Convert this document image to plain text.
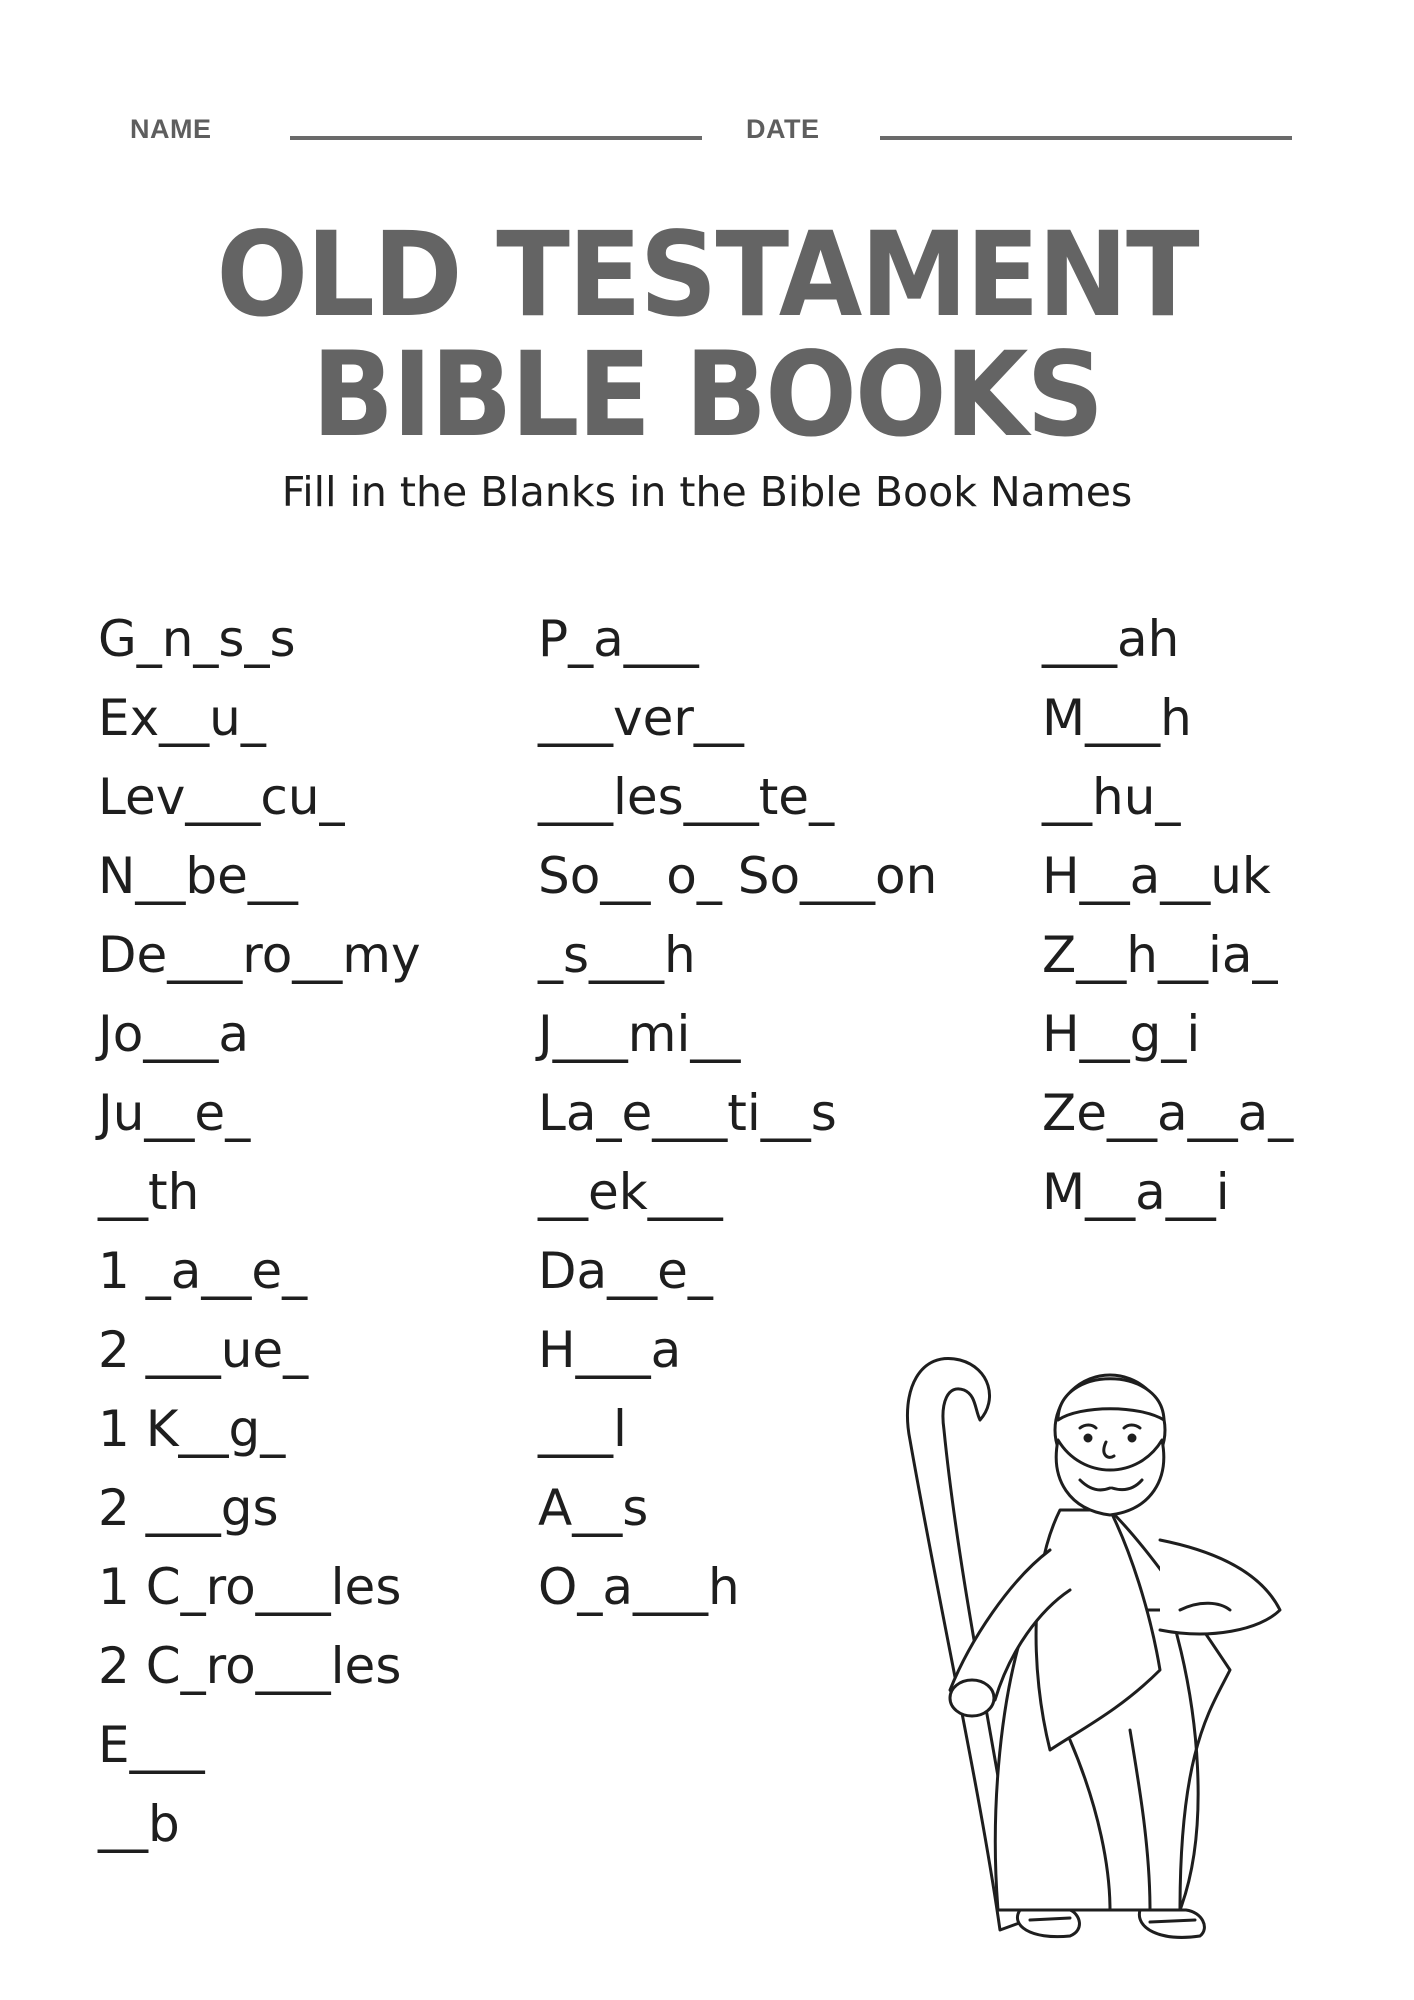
NAME	DATE
OLD TESTAMENT
BIBLE BOOKS
Fill in the Blanks in the Bible Book Names
G_n_s_s
Ex__u_
Lev___cu_
N__be__
De___ro__my
Jo___a
Ju__e_
__th
1 _a__e_
2 ___ue_
1 K__g_
2 ___gs
1 C_ro___les
2 C_ro___les
E___
__b
P_a___
___ver__
___les___te_
So__ o_ So___on
_s___h
J___mi__
La_e___ti__s
__ek___
Da__e_
H___a
___l
A__s
O_a___h
___ah
M___h
__hu_
H__a__uk
Z__h__ia_
H__g_i
Ze__a__a_
M__a__i
